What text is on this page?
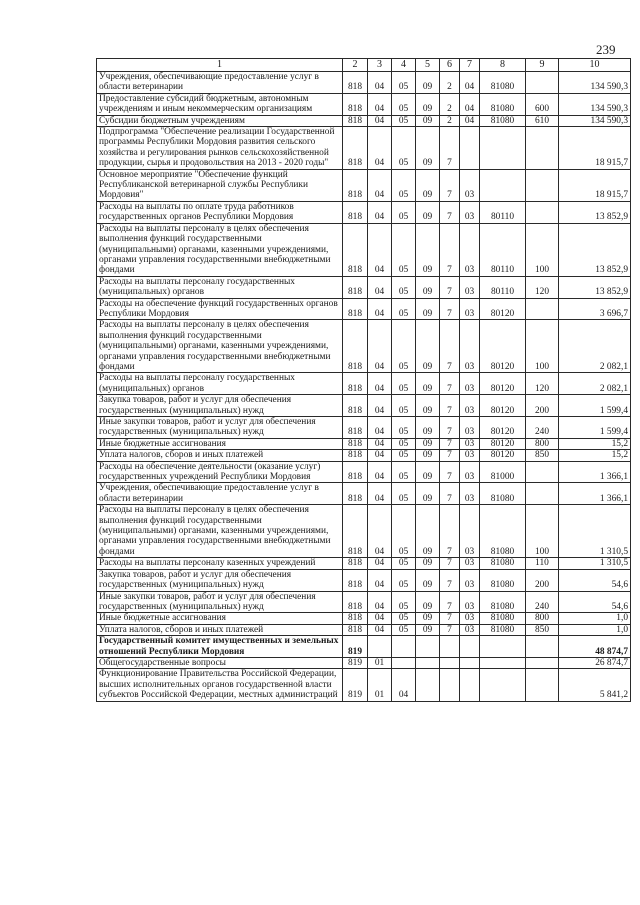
239
1	2	3	4	5	6	7	8	9	10
Учреждения, обеспечивающие предоставление услуг в области ветеринарии	818	04	05	09	2	04	81080		134 590,3
Предоставление субсидий бюджетным, автономным учреждениям и иным некоммерческим организациям	818	04	05	09	2	04	81080	600	134 590,3
Субсидии бюджетным учреждениям	818	04	05	09	2	04	81080	610	134 590,3
Подпрограмма "Обеспечение реализации Государственной программы Республики Мордовия развития сельского хозяйства и регулирования рынков сельскохозяйственной продукции, сырья и продовольствия на 2013 - 2020 годы"	818	04	05	09	7				18 915,7
Основное мероприятие "Обеспечение функций Республиканской ветеринарной службы Республики Мордовия"	818	04	05	09	7	03			18 915,7
Расходы на выплаты по оплате труда работников государственных органов Республики Мордовия	818	04	05	09	7	03	80110		13 852,9
Расходы на выплаты персоналу в целях обеспечения выполнения функций государственными (муниципальными) органами, казенными учреждениями, органами управления государственными внебюджетными фондами	818	04	05	09	7	03	80110	100	13 852,9
Расходы на выплаты персоналу государственных (муниципальных) органов	818	04	05	09	7	03	80110	120	13 852,9
Расходы на обеспечение функций государственных органов Республики Мордовия	818	04	05	09	7	03	80120		3 696,7
Расходы на выплаты персоналу в целях обеспечения выполнения функций государственными (муниципальными) органами, казенными учреждениями, органами управления государственными внебюджетными фондами	818	04	05	09	7	03	80120	100	2 082,1
Расходы на выплаты персоналу государственных (муниципальных) органов	818	04	05	09	7	03	80120	120	2 082,1
Закупка товаров, работ и услуг для обеспечения государственных (муниципальных) нужд	818	04	05	09	7	03	80120	200	1 599,4
Иные закупки товаров, работ и услуг для обеспечения государственных (муниципальных) нужд	818	04	05	09	7	03	80120	240	1 599,4
Иные бюджетные ассигнования	818	04	05	09	7	03	80120	800	15,2
Уплата налогов, сборов и иных платежей	818	04	05	09	7	03	80120	850	15,2
Расходы на обеспечение деятельности (оказание услуг) государственных учреждений Республики Мордовия	818	04	05	09	7	03	81000		1 366,1
Учреждения, обеспечивающие предоставление услуг в области ветеринарии	818	04	05	09	7	03	81080		1 366,1
Расходы на выплаты персоналу в целях обеспечения выполнения функций государственными (муниципальными) органами, казенными учреждениями, органами управления государственными внебюджетными фондами	818	04	05	09	7	03	81080	100	1 310,5
Расходы на выплаты персоналу казенных учреждений	818	04	05	09	7	03	81080	110	1 310,5
Закупка товаров, работ и услуг для обеспечения государственных (муниципальных) нужд	818	04	05	09	7	03	81080	200	54,6
Иные закупки товаров, работ и услуг для обеспечения государственных (муниципальных) нужд	818	04	05	09	7	03	81080	240	54,6
Иные бюджетные ассигнования	818	04	05	09	7	03	81080	800	1,0
Уплата налогов, сборов и иных платежей	818	04	05	09	7	03	81080	850	1,0
Государственный комитет имущественных и земельных отношений Республики Мордовия	819								48 874,7
Общегосударственные вопросы	819	01							26 874,7
Функционирование Правительства Российской Федерации, высших исполнительных органов государственной власти субъектов Российской Федерации, местных администраций	819	01	04						5 841,2
